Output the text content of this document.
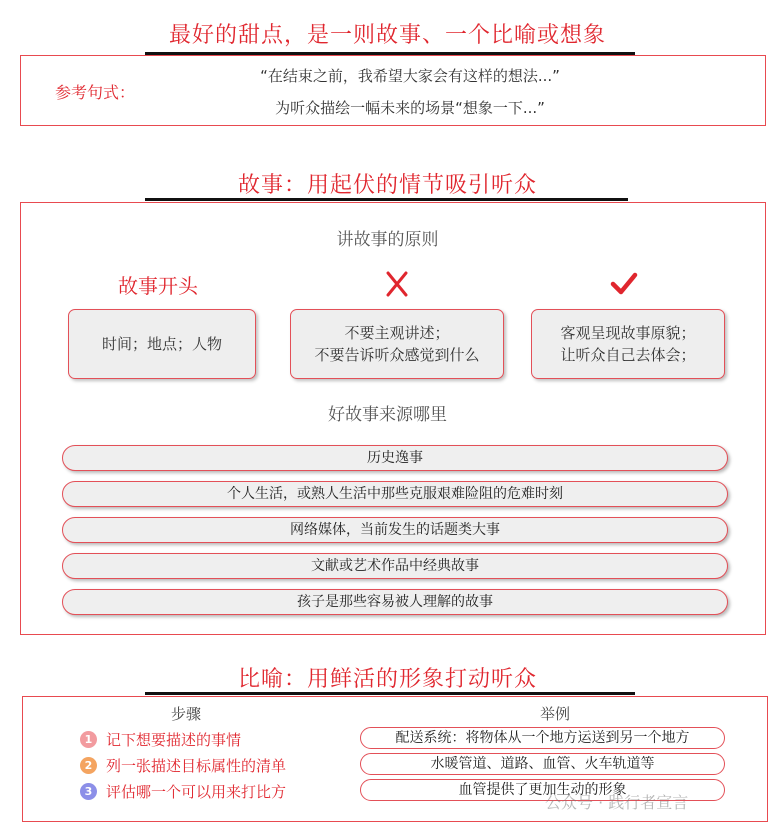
最好的甜点，是一则故事、一个比喻或想象
参考句式：
“在结束之前，我希望大家会有这样的想法...”
为听众描绘一幅未来的场景“想象一下...”
故事：用起伏的情节吸引听众
讲故事的原则
故事开头
时间；地点；人物
不要主观讲述；
不要告诉听众感觉到什么
客观呈现故事原貌；
让听众自己去体会；
好故事来源哪里
历史逸事
个人生活，或熟人生活中那些克服艰难险阻的危难时刻
网络媒体，当前发生的话题类大事
文献或艺术作品中经典故事
孩子是那些容易被人理解的故事
比喻：用鲜活的形象打动听众
步骤	举例
1 记下想要描述的事情
2 列一张描述目标属性的清单
3 评估哪一个可以用来打比方
配送系统：将物体从一个地方运送到另一个地方
水暖管道、道路、血管、火车轨道等
血管提供了更加生动的形象
公众号 · 践行者宣言
